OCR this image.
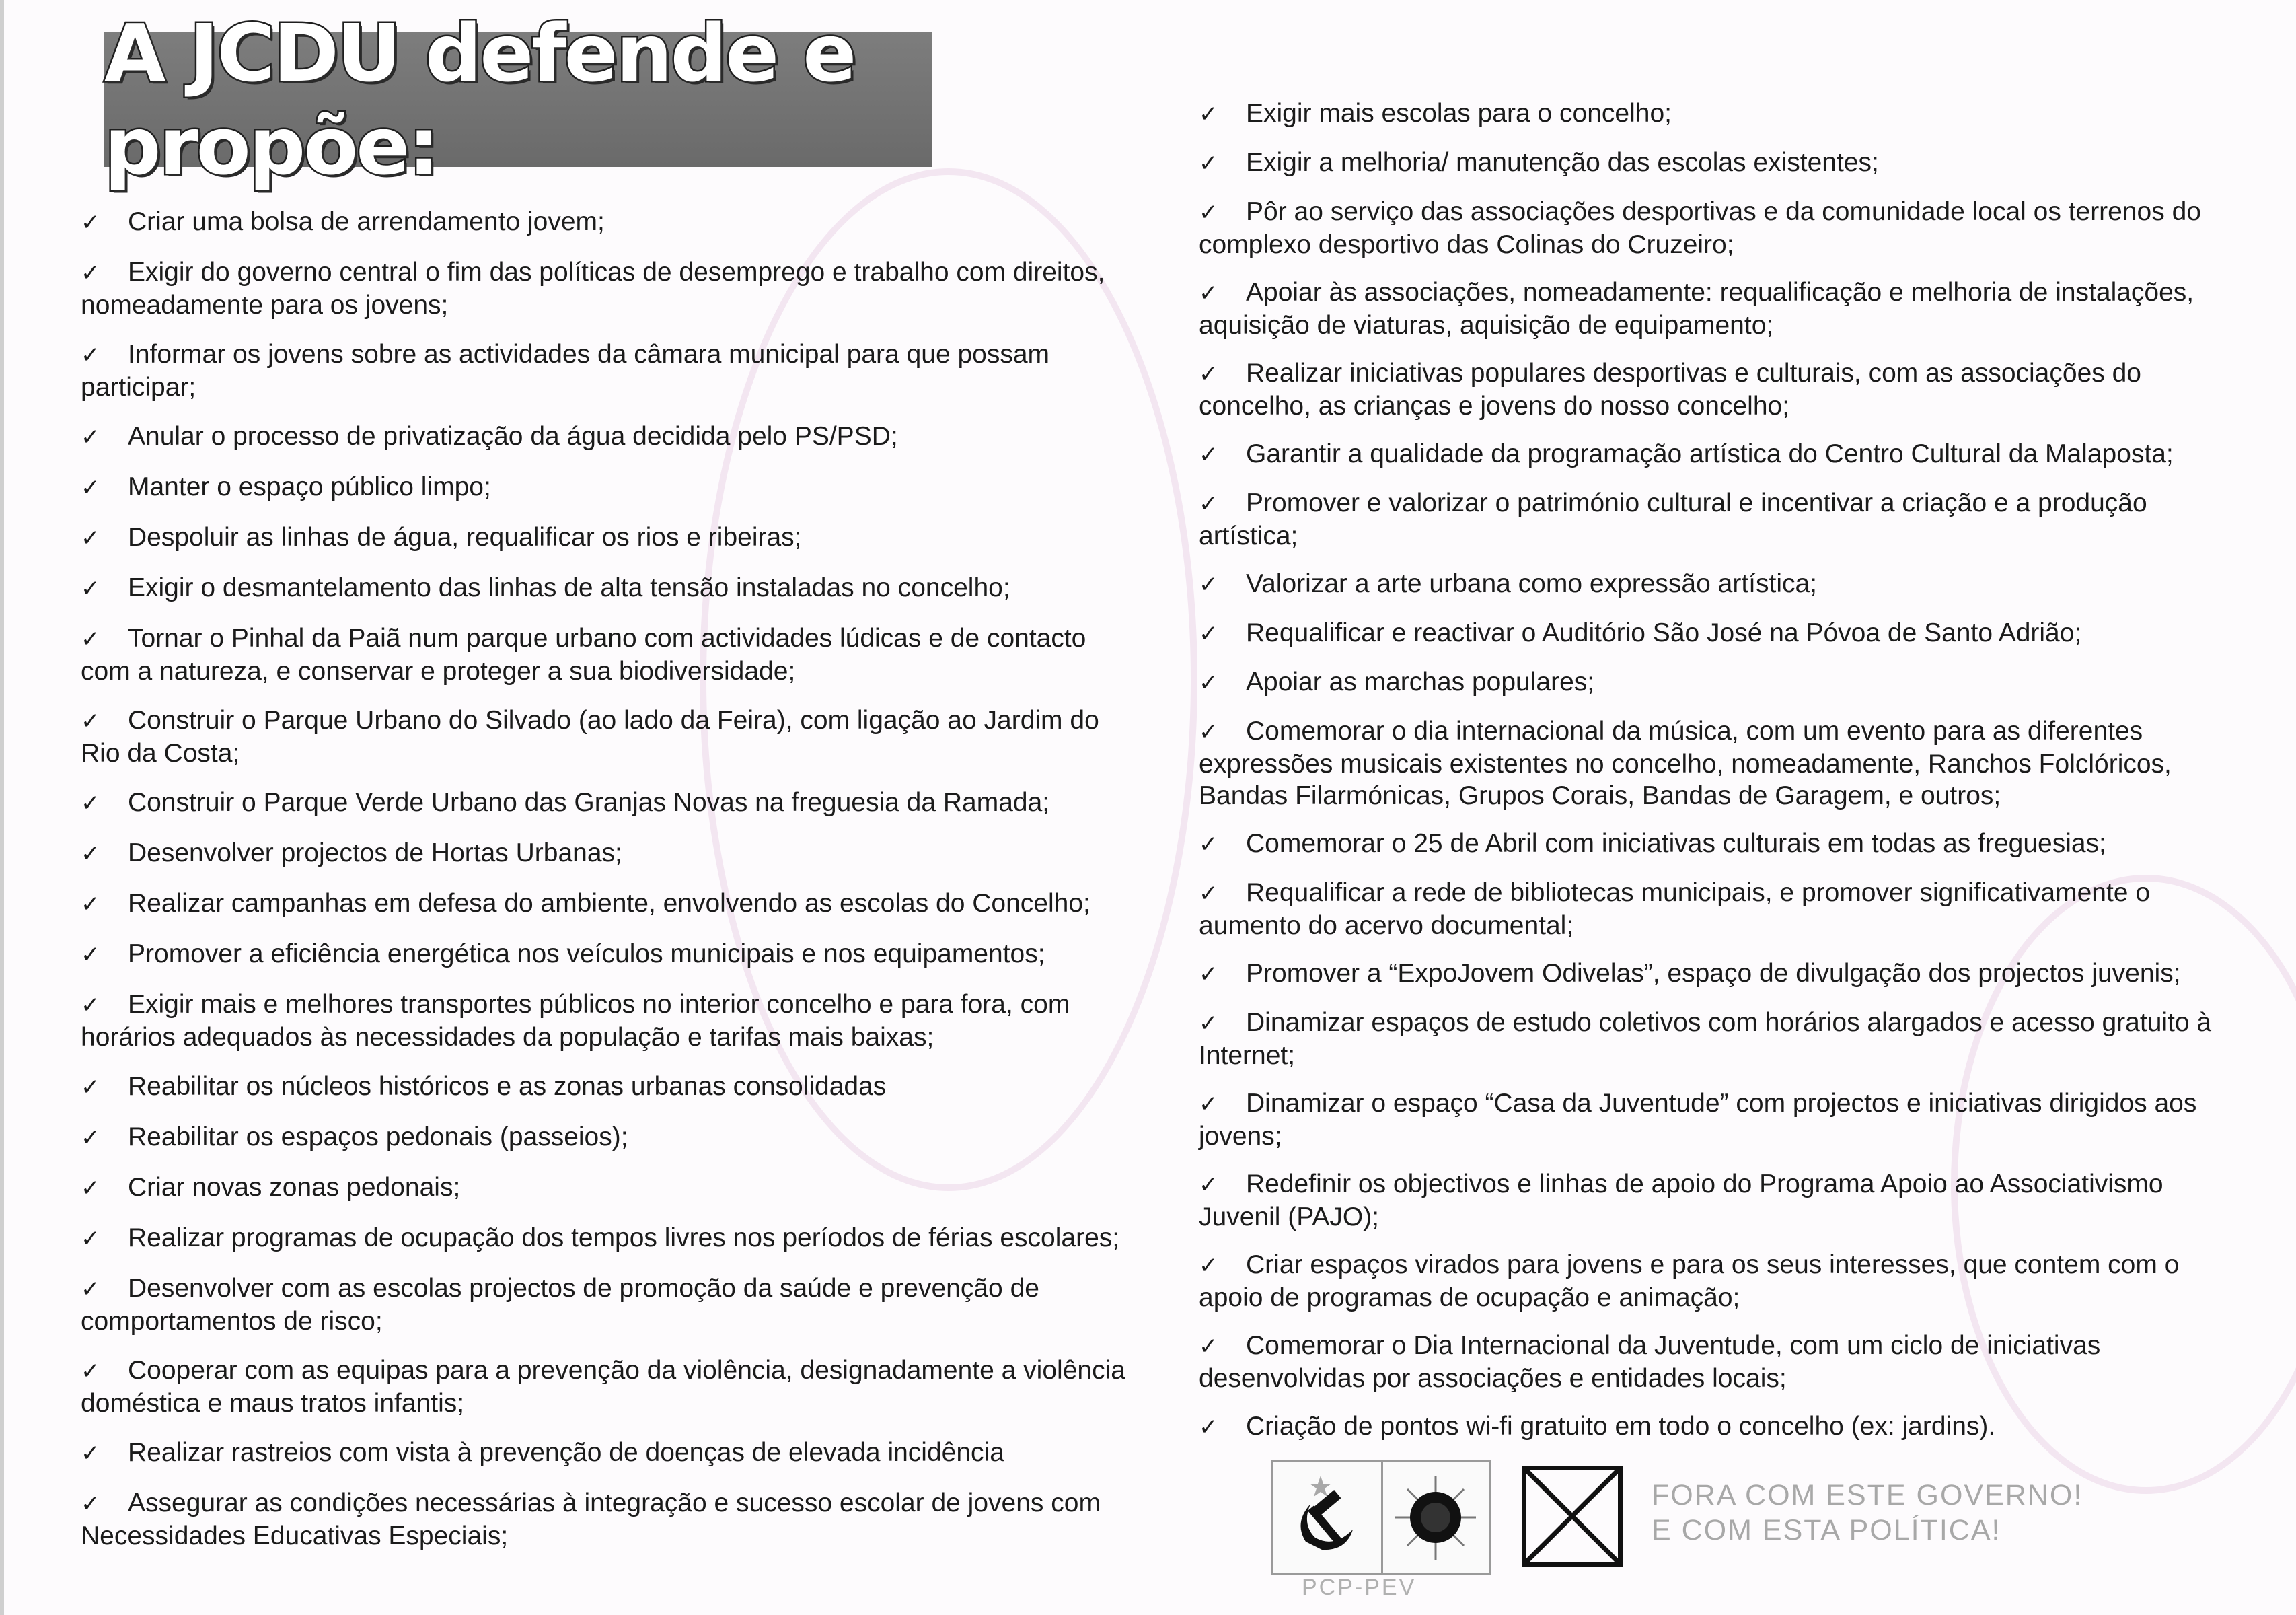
A JCDU defende e propõe:
✓ Criar uma bolsa de arrendamento jovem;
✓ Exigir do governo central o fim das políticas de desemprego e trabalho com direitos, nomeadamente para os jovens;
✓ Informar os jovens sobre as actividades da câmara municipal para que possam participar;
✓ Anular o processo de privatização da água decidida pelo PS/PSD;
✓ Manter o espaço público limpo;
✓ Despoluir as linhas de água, requalificar os rios e ribeiras;
✓ Exigir o desmantelamento das linhas de alta tensão instaladas no concelho;
✓ Tornar o Pinhal da Paiã num parque urbano com actividades lúdicas e de contacto com a natureza, e conservar e proteger a sua biodiversidade;
✓ Construir o Parque Urbano do Silvado (ao lado da Feira), com ligação ao Jardim do Rio da Costa;
✓ Construir o Parque Verde Urbano das Granjas Novas na freguesia da Ramada;
✓ Desenvolver projectos de Hortas Urbanas;
✓ Realizar campanhas em defesa do ambiente, envolvendo as escolas do Concelho;
✓ Promover a eficiência energética nos veículos municipais e nos equipamentos;
✓ Exigir mais e melhores transportes públicos no interior concelho e para fora, com horários adequados às necessidades da população e tarifas mais baixas;
✓ Reabilitar os núcleos históricos e as zonas urbanas consolidadas
✓ Reabilitar os espaços pedonais (passeios);
✓ Criar novas zonas pedonais;
✓ Realizar programas de ocupação dos tempos livres nos períodos de férias escolares;
✓ Desenvolver com as escolas projectos de promoção da saúde e prevenção de comportamentos de risco;
✓ Cooperar com as equipas para a prevenção da violência, designadamente a violência doméstica e maus tratos infantis;
✓ Realizar rastreios com vista à prevenção de doenças de elevada incidência
✓ Assegurar as condições necessárias à integração e sucesso escolar de jovens com Necessidades Educativas Especiais;
✓ Exigir mais escolas para o concelho;
✓ Exigir a melhoria/ manutenção das escolas existentes;
✓ Pôr ao serviço das associações desportivas e da comunidade local os terrenos do complexo desportivo das Colinas do Cruzeiro;
✓ Apoiar às associações, nomeadamente: requalificação e melhoria de instalações, aquisição de viaturas, aquisição de equipamento;
✓ Realizar iniciativas populares desportivas e culturais, com as associações do concelho, as crianças e jovens do nosso concelho;
✓ Garantir a qualidade da programação artística do Centro Cultural da Malaposta;
✓ Promover e valorizar o património cultural e incentivar a criação e a produção artística;
✓ Valorizar a arte urbana como expressão artística;
✓ Requalificar e reactivar o Auditório São José na Póvoa de Santo Adrião;
✓ Apoiar as marchas populares;
✓ Comemorar o dia internacional da música, com um evento para as diferentes expressões musicais existentes no concelho, nomeadamente, Ranchos Folclóricos, Bandas Filarmónicas, Grupos Corais, Bandas de Garagem, e outros;
✓ Comemorar o 25 de Abril com iniciativas culturais em todas as freguesias;
✓ Requalificar a rede de bibliotecas municipais, e promover significativamente o aumento do acervo documental;
✓ Promover a “ExpoJovem Odivelas”, espaço de divulgação dos projectos juvenis;
✓ Dinamizar espaços de estudo coletivos com horários alargados e acesso gratuito à Internet;
✓ Dinamizar o espaço “Casa da Juventude” com projectos e iniciativas dirigidos aos jovens;
✓ Redefinir os objectivos e linhas de apoio do Programa Apoio ao Associativismo Juvenil (PAJO);
✓ Criar espaços virados para jovens e para os seus interesses, que contem com o apoio de programas de ocupação e animação;
✓ Comemorar o Dia Internacional da Juventude, com um ciclo de iniciativas desenvolvidas por associações e entidades locais;
✓ Criação de pontos wi-fi gratuito em todo o concelho (ex: jardins).
PCP-PEV
FORA COM ESTE GOVERNO!
E COM ESTA POLÍTICA!
